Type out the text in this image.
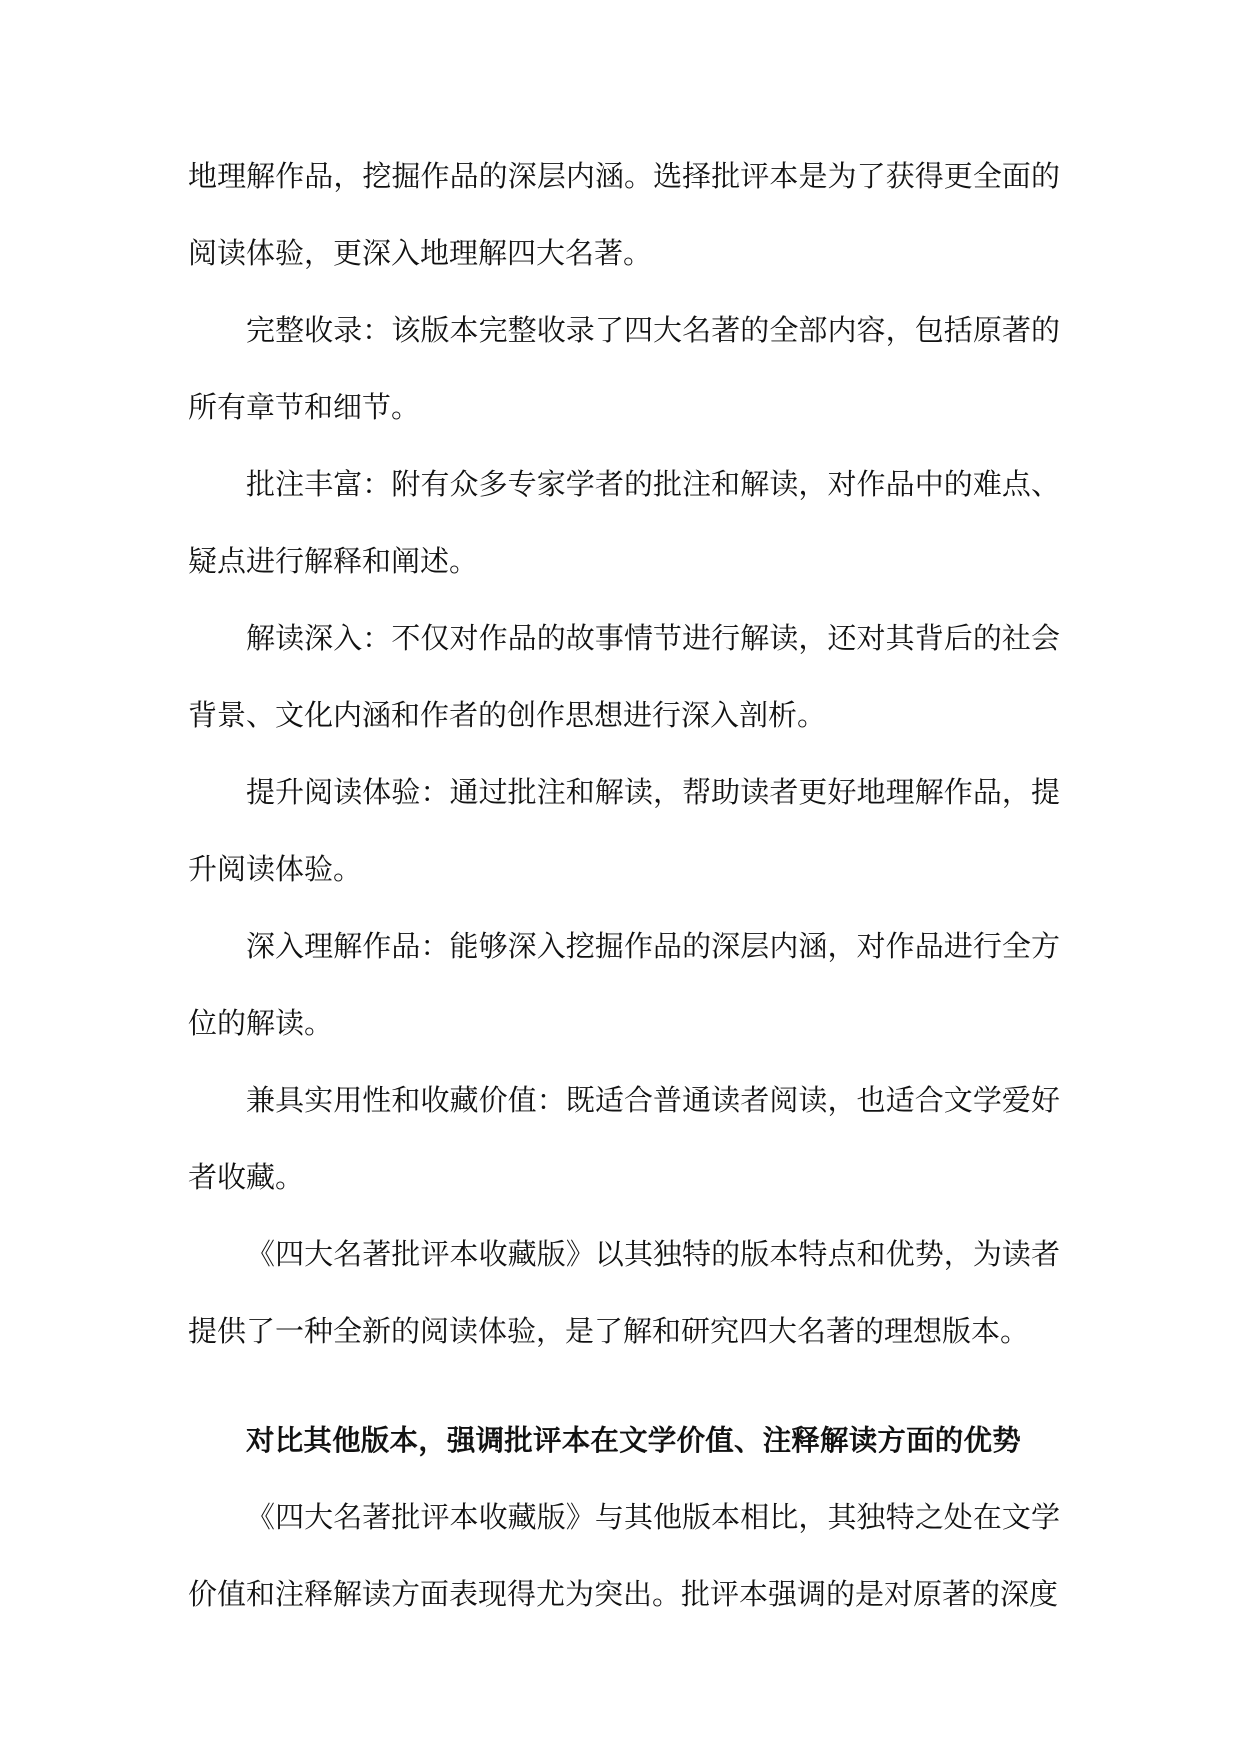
地理解作品，挖掘作品的深层内涵。选择批评本是为了获得更全面的阅读体验，更深入地理解四大名著。

完整收录：该版本完整收录了四大名著的全部内容，包括原著的所有章节和细节。

批注丰富：附有众多专家学者的批注和解读，对作品中的难点、疑点进行解释和阐述。

解读深入：不仅对作品的故事情节进行解读，还对其背后的社会背景、文化内涵和作者的创作思想进行深入剖析。

提升阅读体验：通过批注和解读，帮助读者更好地理解作品，提升阅读体验。

深入理解作品：能够深入挖掘作品的深层内涵，对作品进行全方位的解读。

兼具实用性和收藏价值：既适合普通读者阅读，也适合文学爱好者收藏。

《四大名著批评本收藏版》以其独特的版本特点和优势，为读者提供了一种全新的阅读体验，是了解和研究四大名著的理想版本。

对比其他版本，强调批评本在文学价值、注释解读方面的优势

《四大名著批评本收藏版》与其他版本相比，其独特之处在文学价值和注释解读方面表现得尤为突出。批评本强调的是对原著的深度
